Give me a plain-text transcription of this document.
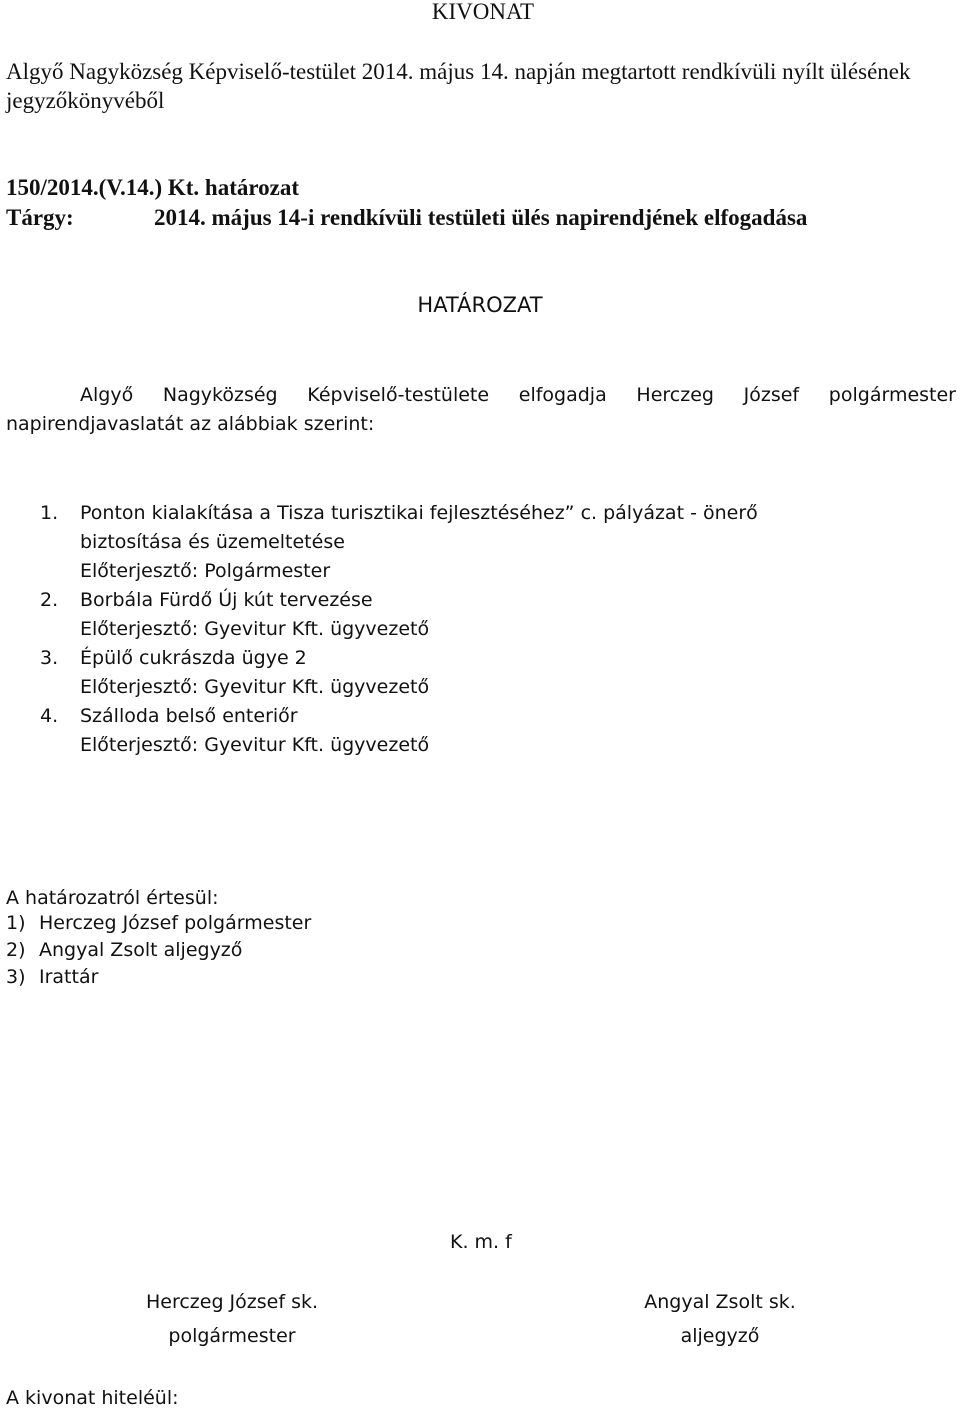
KIVONAT

Algyő Nagyközség Képviselő-testület 2014. május 14. napján megtartott rendkívüli nyílt ülésének jegyzőkönyvéből

150/2014.(V.14.) Kt. határozat
Tárgy:	2014. május 14-i rendkívüli testületi ülés napirendjének elfogadása
HATÁROZAT
Algyő Nagyközség Képviselő-testülete elfogadja Herczeg József polgármester
napirendjavaslatát az alábbiak szerint:
1. Ponton kialakítása a Tisza turisztikai fejlesztéséhez” c. pályázat - önerő
biztosítása és üzemeltetése
Előterjesztő: Polgármester
2. Borbála Fürdő Új kút tervezése
Előterjesztő: Gyevitur Kft. ügyvezető
3. Épülő cukrászda ügye 2
Előterjesztő: Gyevitur Kft. ügyvezető
4. Szálloda belső enteriőr
Előterjesztő: Gyevitur Kft. ügyvezető
A határozatról értesül:
1) Herczeg József polgármester
2) Angyal Zsolt aljegyző
3) Irattár
K. m. f
Herczeg József sk.
polgármester
Angyal Zsolt sk.
aljegyző
A kivonat hiteléül:
